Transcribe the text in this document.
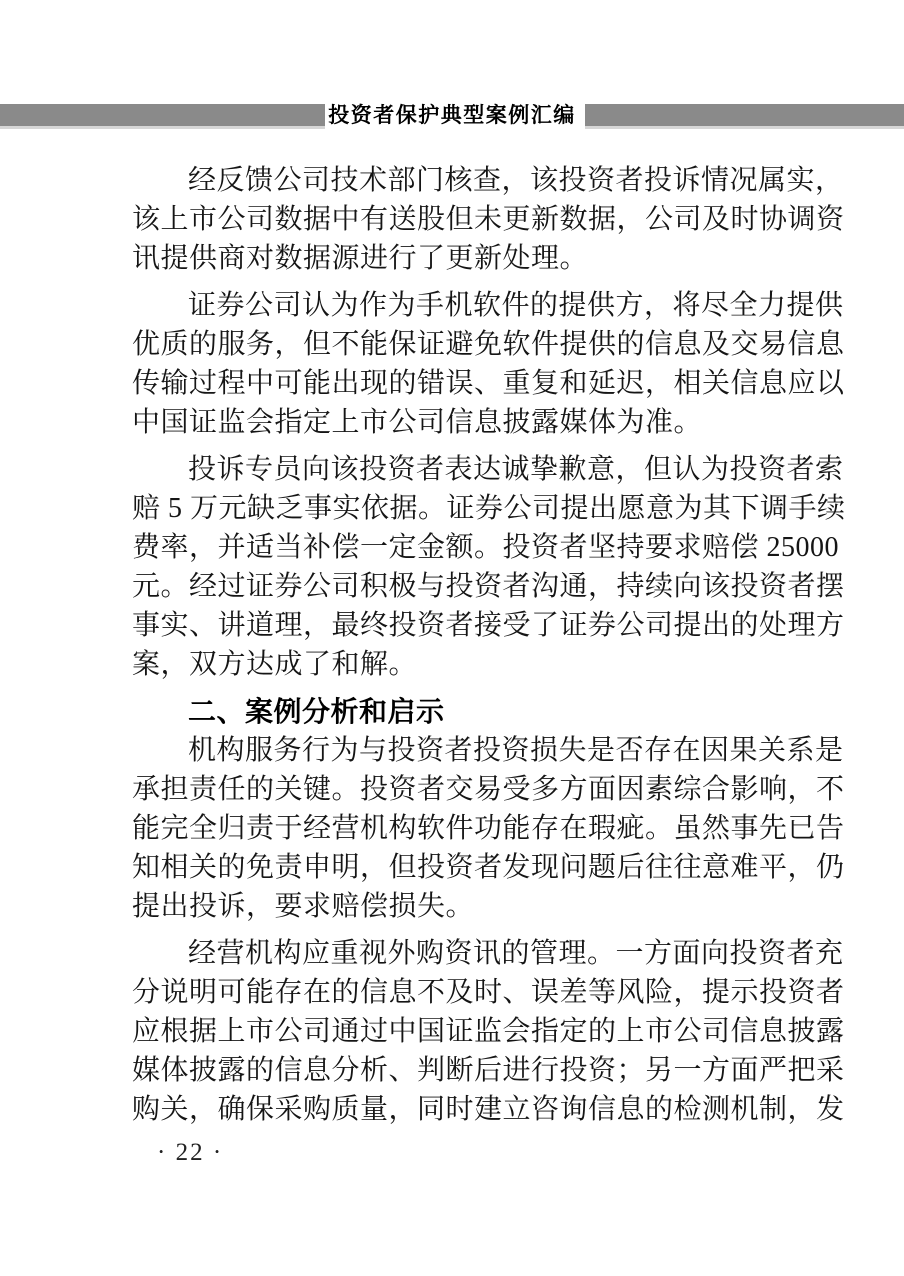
投资者保护典型案例汇编
经反馈公司技术部门核查，该投资者投诉情况属实，
该上市公司数据中有送股但未更新数据，公司及时协调资
讯提供商对数据源进行了更新处理。
证券公司认为作为手机软件的提供方，将尽全力提供
优质的服务，但不能保证避免软件提供的信息及交易信息
传输过程中可能出现的错误、重复和延迟，相关信息应以
中国证监会指定上市公司信息披露媒体为准。
投诉专员向该投资者表达诚挚歉意，但认为投资者索
赔 5 万元缺乏事实依据。证券公司提出愿意为其下调手续
费率，并适当补偿一定金额。投资者坚持要求赔偿 25000
元。经过证券公司积极与投资者沟通，持续向该投资者摆
事实、讲道理，最终投资者接受了证券公司提出的处理方
案，双方达成了和解。
二、案例分析和启示
机构服务行为与投资者投资损失是否存在因果关系是
承担责任的关键。投资者交易受多方面因素综合影响，不
能完全归责于经营机构软件功能存在瑕疵。虽然事先已告
知相关的免责申明，但投资者发现问题后往往意难平，仍
提出投诉，要求赔偿损失。
经营机构应重视外购资讯的管理。一方面向投资者充
分说明可能存在的信息不及时、误差等风险，提示投资者
应根据上市公司通过中国证监会指定的上市公司信息披露
媒体披露的信息分析、判断后进行投资；另一方面严把采
购关，确保采购质量，同时建立咨询信息的检测机制，发
· 22 ·
